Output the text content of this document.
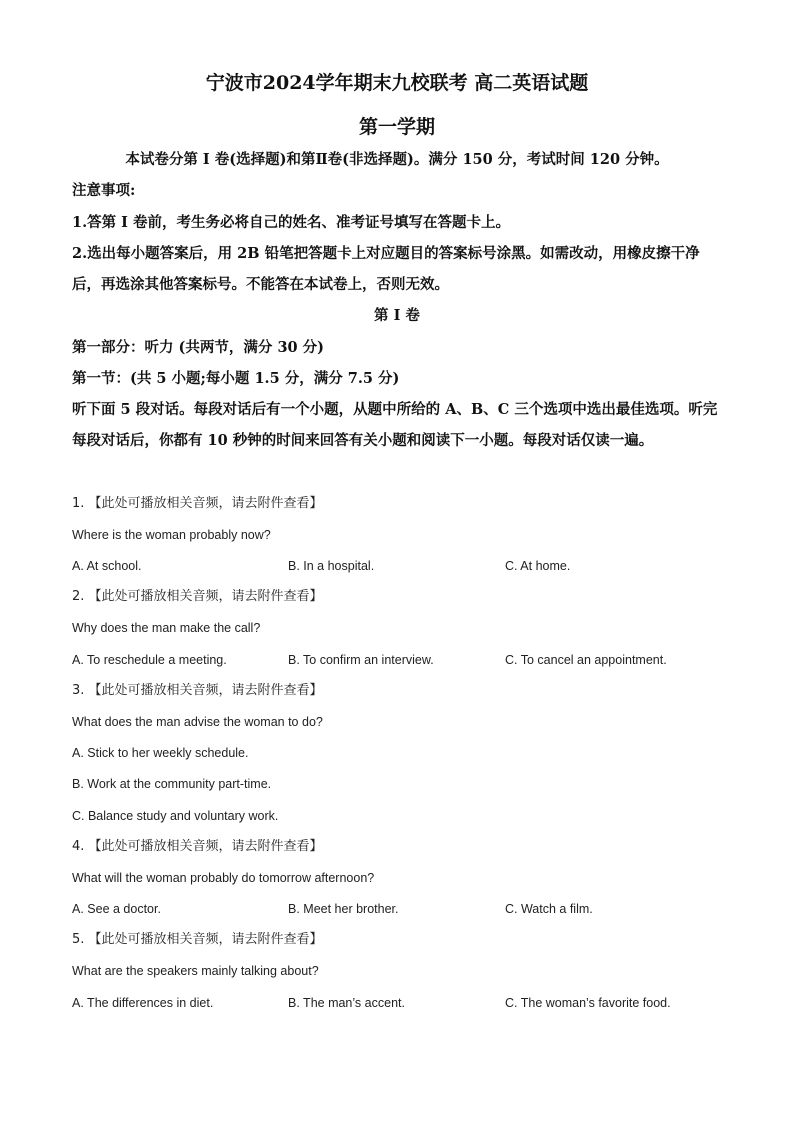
宁波市2024学年期末九校联考 高二英语试题
第一学期
本试卷分第 I 卷(选择题)和第Ⅱ卷(非选择题)。满分 150 分，考试时间 120 分钟。
注意事项:
1.答第 I 卷前，考生务必将自己的姓名、准考证号填写在答题卡上。
2.选出每小题答案后，用 2B 铅笔把答题卡上对应题目的答案标号涂黑。如需改动，用橡皮擦干净后，再选涂其他答案标号。不能答在本试卷上，否则无效。
第 I 卷
第一部分：听力 (共两节，满分 30 分)
第一节：(共 5 小题;每小题 1.5 分，满分 7.5 分)
听下面 5 段对话。每段对话后有一个小题，从题中所给的 A、B、C 三个选项中选出最佳选项。听完每段对话后，你都有 10 秒钟的时间来回答有关小题和阅读下一小题。每段对话仅读一遍。
1. 【此处可播放相关音频，请去附件查看】
Where is the woman probably now?
A. At school.	B. In a hospital.	C. At home.
2. 【此处可播放相关音频，请去附件查看】
Why does the man make the call?
A. To reschedule a meeting.	B. To confirm an interview.	C. To cancel an appointment.
3. 【此处可播放相关音频，请去附件查看】
What does the man advise the woman to do?
A. Stick to her weekly schedule.
B. Work at the community part-time.
C. Balance study and voluntary work.
4. 【此处可播放相关音频，请去附件查看】
What will the woman probably do tomorrow afternoon?
A. See a doctor.	B. Meet her brother.	C. Watch a film.
5. 【此处可播放相关音频，请去附件查看】
What are the speakers mainly talking about?
A. The differences in diet.	B. The man’s accent.	C. The woman’s favorite food.
